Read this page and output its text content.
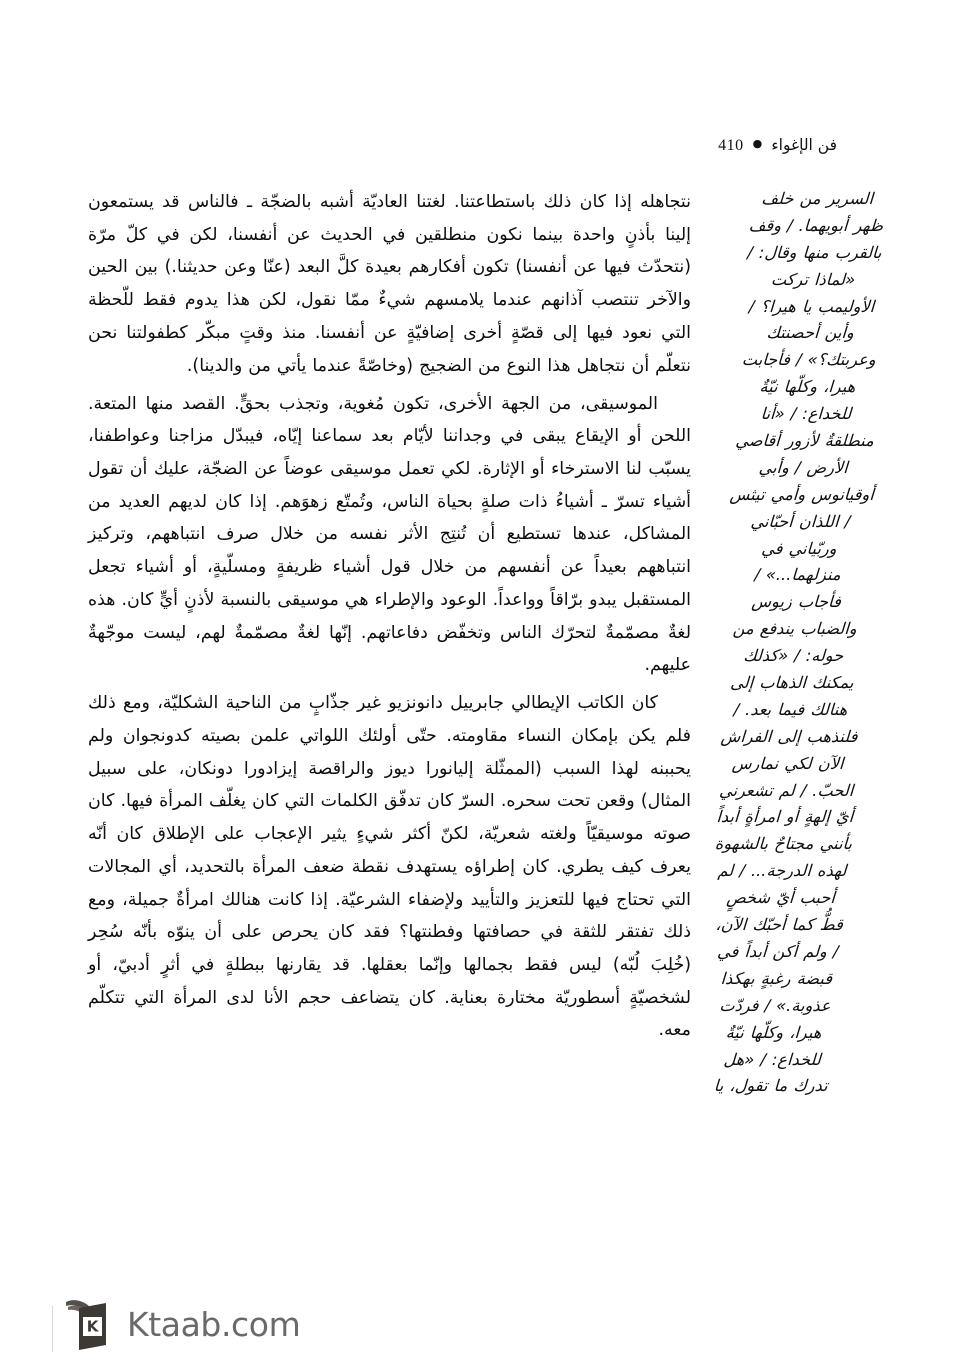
فن الإغواء
●
410
السرير من خلف
ظهر أبويهما. / وقف
بالقرب منها وقال: /
«لماذا تركت
الأوليمب يا هيرا؟ /
وأين أحصنتك
وعربتك؟» / فأجابت
هيرا، وكلّها نيّةٌ
للخداع: / «أنا
منطلقةٌ لأزور أقاصي
الأرض / وأبي
أوقيانوس وأمي تيثس
/ اللذان أحبّاني
وربّياني في
منزلهما...» /
فأجاب زيوس
والضباب يندفع من
حوله: / «كذلك
يمكنك الذهاب إلى
هنالك فيما بعد. /
فلنذهب إلى الفراش
الآن لكي نمارس
الحبّ. / لم تشعرني
أيّ إلهةٍ أو امرأةٍ أبداً
بأنني مجتاحٌ بالشهوة
لهذه الدرجة... / لم
أحبب أيّ شخصٍ
قطُّ كما أحبّك الآن،
/ ولم أكن أبداً في
قبضة رغبةٍ بهكذا
عذوبة.» / فردّت
هيرا، وكلّها نيّةٌ
للخداع: / «هل
تدرك ما تقول، يا

نتجاهله إذا كان ذلك باستطاعتنا. لغتنا العاديّة أشبه بالضجّة ـ فالناس قد يستمعون إلينا بأذنٍ واحدة بينما نكون منطلقين في الحديث عن أنفسنا، لكن في كلّ مرّة (نتحدّث فيها عن أنفسنا) تكون أفكارهم بعيدة كلَّ البعد (عنّا وعن حديثنا.) بين الحين والآخر تنتصب آذانهم عندما يلامسهم شيءٌ ممّا نقول، لكن هذا يدوم فقط للّحظة التي نعود فيها إلى قصّةٍ أخرى إضافيّةٍ عن أنفسنا. منذ وقتٍ مبكّر كطفولتنا نحن نتعلّم أن نتجاهل هذا النوع من الضجيج (وخاصّةً عندما يأتي من والدينا).

الموسيقى، من الجهة الأخرى، تكون مُغوية، وتجذب بحقٍّ. القصد منها المتعة. اللحن أو الإيقاع يبقى في وجداننا لأيّام بعد سماعنا إيّاه، فيبدّل مزاجنا وعواطفنا، يسبّب لنا الاسترخاء أو الإثارة. لكي تعمل موسيقى عوضاً عن الضجّة، عليك أن تقول أشياء تسرّ ـ أشياءُ ذات صلةٍ بحياة الناس، وتُمتّع زهوَهم. إذا كان لديهم العديد من المشاكل، عندها تستطيع أن تُنتِج الأثر نفسه من خلال صرف انتباههم، وتركيز انتباههم بعيداً عن أنفسهم من خلال قول أشياء ظريفةٍ ومسلّيةٍ، أو أشياء تجعل المستقبل يبدو برّاقاً وواعداً. الوعود والإطراء هي موسيقى بالنسبة لأذنٍ أيٍّ كان. هذه لغةٌ مصمّمةٌ لتحرّك الناس وتخفّض دفاعاتهم. إنّها لغةٌ مصمّمةٌ لهم، ليست موجّهةٌ عليهم.

كان الكاتب الإيطالي جابرييل دانونزيو غير جذّابٍ من الناحية الشكليّة، ومع ذلك فلم يكن بإمكان النساء مقاومته. حتّى أولئك اللواتي علمن بصيته كدونجوان ولم يحببنه لهذا السبب (الممثّلة إليانورا ديوز والراقصة إيزادورا دونكان، على سبيل المثال) وقعن تحت سحره. السرّ كان تدفّق الكلمات التي كان يغلّف المرأة فيها. كان صوته موسيقيّاً ولغته شعريّة، لكنّ أكثر شيءٍ يثير الإعجاب على الإطلاق كان أنّه يعرف كيف يطري. كان إطراؤه يستهدف نقطة ضعف المرأة بالتحديد، أي المجالات التي تحتاج فيها للتعزيز والتأييد ولإضفاء الشرعيّة. إذا كانت هنالك امرأةٌ جميلة، ومع ذلك تفتقر للثقة في حصافتها وفطنتها؟ فقد كان يحرص على أن ينوّه بأنّه سُحِر (خُلِبَ لُبّه) ليس فقط بجمالها وإنّما بعقلها. قد يقارنها ببطلةٍ في أثرٍ أدبيّ، أو لشخصيّةٍ أسطوريّة مختارة بعناية. كان يتضاعف حجم الأنا لدى المرأة التي تتكلّم معه.

K Ktaab.com
